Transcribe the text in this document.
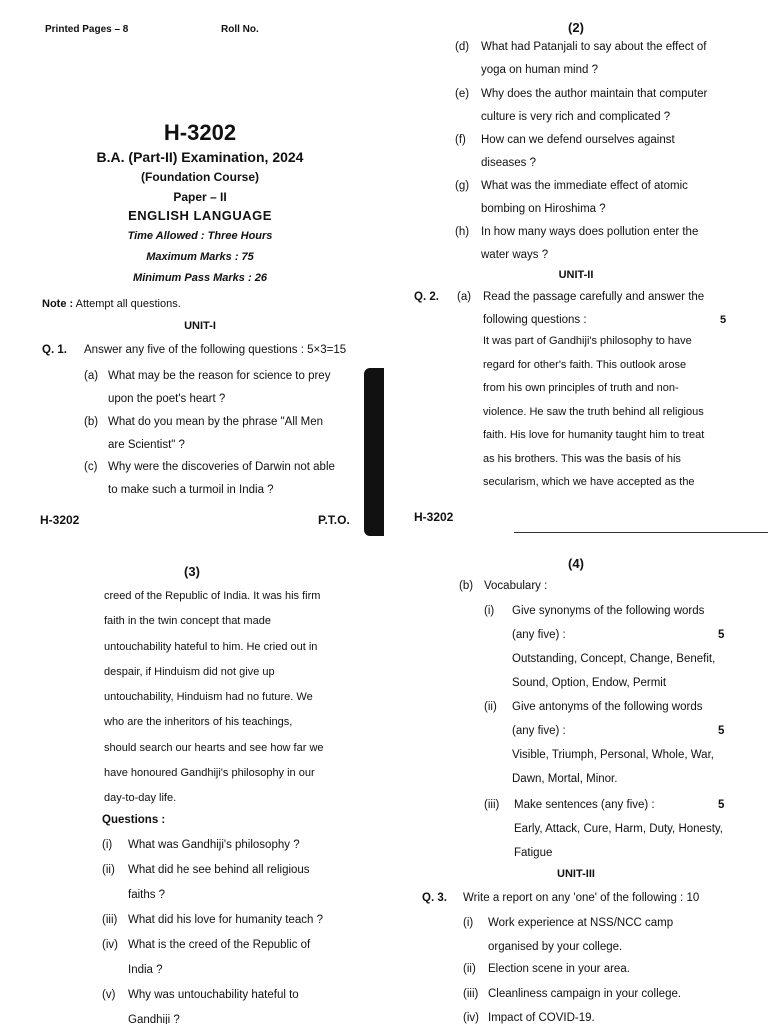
Printed Pages – 8	Roll No.
H-3202
B.A. (Part-II) Examination, 2024
(Foundation Course)
Paper – II
ENGLISH LANGUAGE
Time Allowed : Three Hours
Maximum Marks : 75
Minimum Pass Marks : 26
Note : Attempt all questions.
UNIT-I
Q. 1. Answer any five of the following questions : 5×3=15
(a) What may be the reason for science to prey
upon the poet's heart ?
(b) What do you mean by the phrase "All Men
are Scientist" ?
(c) Why were the discoveries of Darwin not able
to make such a turmoil in India ?
H-3202	P.T.O.
(2)
(d) What had Patanjali to say about the effect of
yoga on human mind ?
(e) Why does the author maintain that computer
culture is very rich and complicated ?
(f) How can we defend ourselves against
diseases ?
(g) What was the immediate effect of atomic
bombing on Hiroshima ?
(h) In how many ways does pollution enter the
water ways ?
UNIT-II
Q. 2. (a) Read the passage carefully and answer the
following questions :	5
It was part of Gandhiji's philosophy to have
regard for other's faith. This outlook arose
from his own principles of truth and non-
violence. He saw the truth behind all religious
faith. His love for humanity taught him to treat
as his brothers. This was the basis of his
secularism, which we have accepted as the
H-3202
(3)
creed of the Republic of India. It was his firm
faith in the twin concept that made
untouchability hateful to him. He cried out in
despair, if Hinduism did not give up
untouchability, Hinduism had no future. We
who are the inheritors of his teachings,
should search our hearts and see how far we
have honoured Gandhiji's philosophy in our
day-to-day life.
Questions :
(i) What was Gandhiji's philosophy ?
(ii) What did he see behind all religious
faiths ?
(iii) What did his love for humanity teach ?
(iv) What is the creed of the Republic of
India ?
(v) Why was untouchability hateful to
Gandhiji ?
(4)
(b) Vocabulary :
(i) Give synonyms of the following words
(any five) :	5
Outstanding, Concept, Change, Benefit,
Sound, Option, Endow, Permit
(ii) Give antonyms of the following words
(any five) :	5
Visible, Triumph, Personal, Whole, War,
Dawn, Mortal, Minor.
(iii) Make sentences (any five) :	5
Early, Attack, Cure, Harm, Duty, Honesty,
Fatigue
UNIT-III
Q. 3. Write a report on any 'one' of the following : 10
(i) Work experience at NSS/NCC camp
organised by your college.
(ii) Election scene in your area.
(iii) Cleanliness campaign in your college.
(iv) Impact of COVID-19.
